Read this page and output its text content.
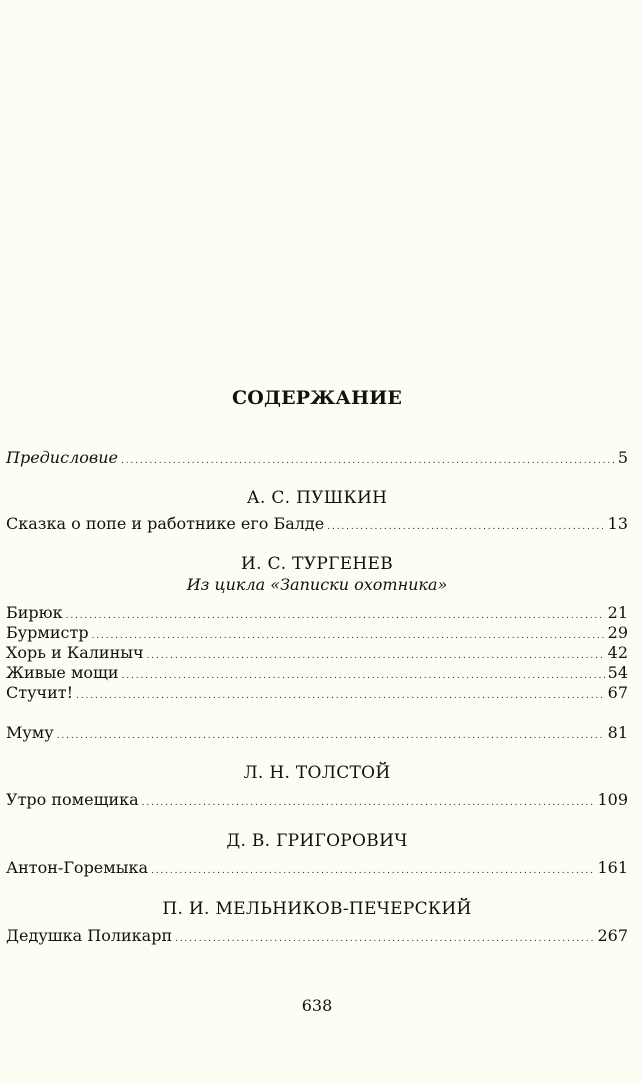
СОДЕРЖАНИЕ
Предисловие . . .	5
А. С. ПУШКИН
Сказка о попе и работнике его Балде . . .	13
И. С. ТУРГЕНЕВ
Из цикла «Записки охотника»
Бирюк . . .	21
Бурмистр . . .	29
Хорь и Калиныч . . .	42
Живые мощи . . .	54
Стучит! . . .	67
Муму . . .	81
Л. Н. ТОЛСТОЙ
Утро помещика . . .	109
Д. В. ГРИГОРОВИЧ
Антон-Горемыка . . .	161
П. И. МЕЛЬНИКОВ-ПЕЧЕРСКИЙ
Дедушка Поликарп . . .	267
638
